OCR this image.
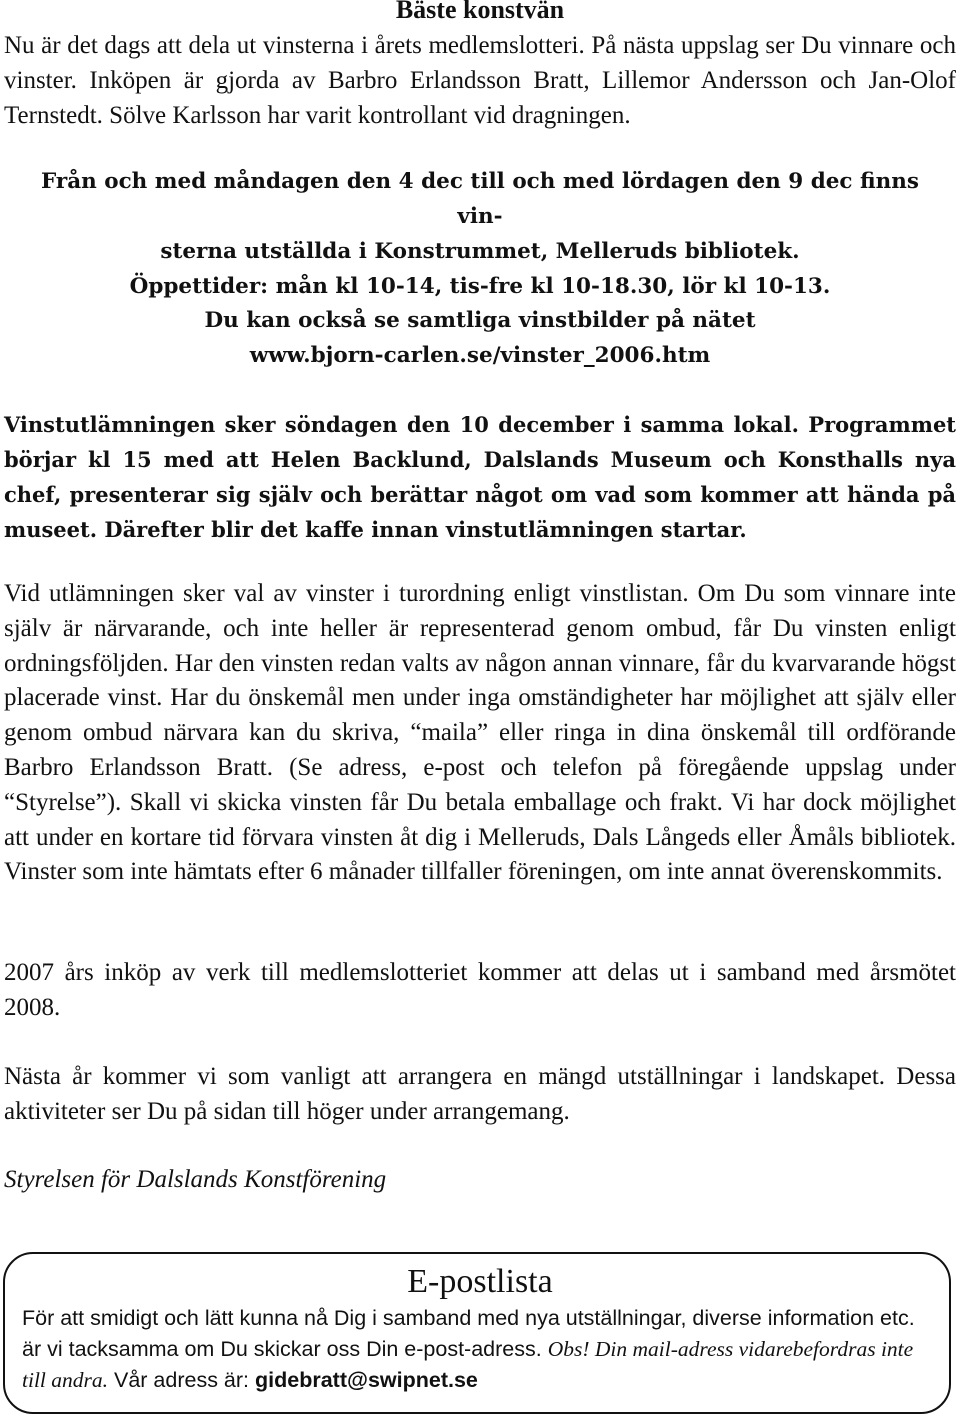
Bäste konstvän

Nu är det dags att dela ut vinsterna i årets medlemslotteri. På nästa uppslag ser Du vinnare och vinster. Inköpen är gjorda av Barbro Erlandsson Bratt, Lillemor Andersson och Jan-Olof Ternstedt. Sölve Karlsson har varit kontrollant vid dragningen.

Från och med måndagen den 4 dec till och med lördagen den 9 dec finns vin-
sterna utställda i Konstrummet, Melleruds bibliotek.
Öppettider: mån kl 10-14, tis-fre kl 10-18.30, lör kl 10-13.
Du kan också se samtliga vinstbilder på nätet
www.bjorn-carlen.se/vinster_2006.htm

Vinstutlämningen sker söndagen den 10 december i samma lokal. Programmet börjar kl 15 med att Helen Backlund, Dalslands Museum och Konsthalls nya chef, presenterar sig själv och berättar något om vad som kommer att hända på museet. Därefter blir det kaffe innan vinstutlämningen startar.

Vid utlämningen sker val av vinster i turordning enligt vinstlistan. Om Du som vinnare inte själv är närvarande, och inte heller är representerad genom ombud, får Du vinsten enligt ordningsföljden. Har den vinsten redan valts av någon annan vinnare, får du kvarvarande högst placerade vinst. Har du önskemål men under inga omständigheter har möjlighet att själv eller genom ombud närvara kan du skriva, “maila” eller ringa in dina önskemål till ordförande Barbro Erlandsson Bratt. (Se adress, e-post och telefon på föregående uppslag under “Styrelse”). Skall vi skicka vinsten får Du betala emballage och frakt. Vi har dock möjlighet att under en kortare tid förvara vinsten åt dig i Melleruds, Dals Långeds eller Åmåls bibliotek. Vinster som inte hämtats efter 6 månader tillfaller föreningen, om inte annat överenskommits.

2007 års inköp av verk till medlemslotteriet kommer att delas ut i samband med årsmötet 2008.

Nästa år kommer vi som vanligt att arrangera en mängd utställningar i landskapet. Dessa aktiviteter ser Du på sidan till höger under arrangemang.

Styrelsen för Dalslands Konstförening

E-postlista

För att smidigt och lätt kunna nå Dig i samband med nya utställningar, diverse information etc. är vi tacksamma om Du skickar oss Din e-post-adress. Obs! Din mail-adress vidarebefordras inte till andra. Vår adress är: gidebratt@swipnet.se
